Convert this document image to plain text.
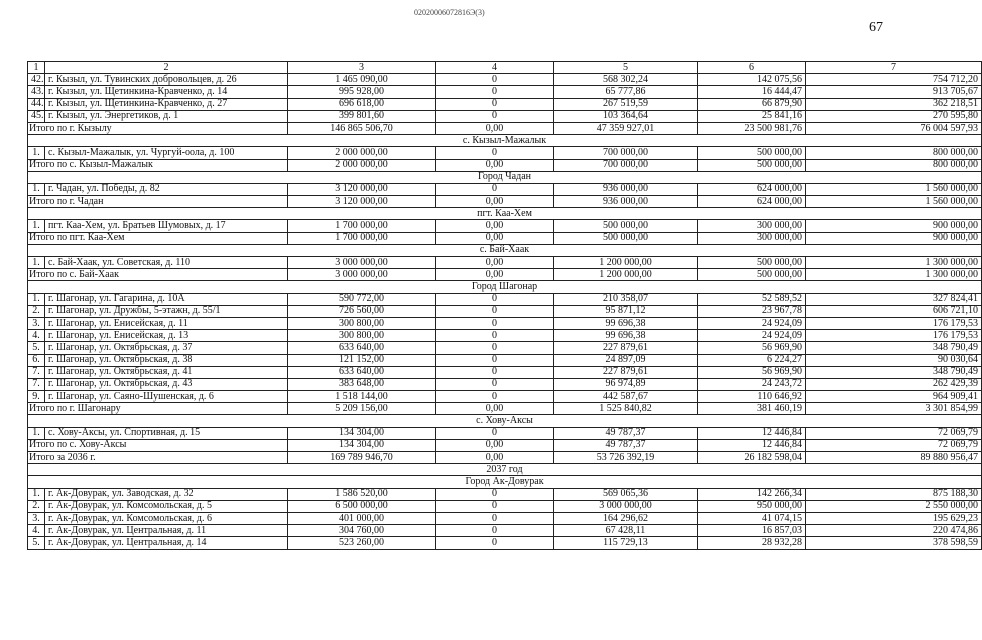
02020006072816Э(3)
67
1	2	3	4	5	6	7
42.	г. Кызыл, ул. Тувинских добровольцев, д. 26	1 465 090,00	0	568 302,24	142 075,56	754 712,20
43.	г. Кызыл, ул. Щетинкина-Кравченко, д. 14	995 928,00	0	65 777,86	16 444,47	913 705,67
44.	г. Кызыл, ул. Щетинкина-Кравченко, д. 27	696 618,00	0	267 519,59	66 879,90	362 218,51
45.	г. Кызыл, ул. Энергетиков, д. 1	399 801,60	0	103 364,64	25 841,16	270 595,80
Итого по г. Кызылу		146 865 506,70	0,00	47 359 927,01	23 500 981,76	76 004 597,93
с. Кызыл-Мажалык						
1.	с. Кызыл-Мажалык, ул. Чургуй-оола, д. 100	2 000 000,00	0	700 000,00	500 000,00	800 000,00
Итого по с. Кызыл-Мажалык		2 000 000,00	0,00	700 000,00	500 000,00	800 000,00
Город Чадан						
1.	г. Чадан, ул. Победы, д. 82	3 120 000,00	0	936 000,00	624 000,00	1 560 000,00
Итого по г. Чадан		3 120 000,00	0,00	936 000,00	624 000,00	1 560 000,00
пгт. Каа-Хем						
1.	пгт. Каа-Хем, ул. Братьев Шумовых, д. 17	1 700 000,00	0,00	500 000,00	300 000,00	900 000,00
Итого по пгт. Каа-Хем		1 700 000,00	0,00	500 000,00	300 000,00	900 000,00
с. Бай-Хаак						
1.	с. Бай-Хаак, ул. Советская, д. 110	3 000 000,00	0,00	1 200 000,00	500 000,00	1 300 000,00
Итого по с. Бай-Хаак		3 000 000,00	0,00	1 200 000,00	500 000,00	1 300 000,00
Город Шагонар						
1.	г. Шагонар, ул. Гагарина, д. 10А	590 772,00	0	210 358,07	52 589,52	327 824,41
2.	г. Шагонар, ул. Дружбы, 5-этажн, д. 55/1	726 560,00	0	95 871,12	23 967,78	606 721,10
3.	г. Шагонар, ул. Енисейская, д. 11	300 800,00	0	99 696,38	24 924,09	176 179,53
4.	г. Шагонар, ул. Енисейская, д. 13	300 800,00	0	99 696,38	24 924,09	176 179,53
5.	г. Шагонар, ул. Октябрьская, д. 37	633 640,00	0	227 879,61	56 969,90	348 790,49
6.	г. Шагонар, ул. Октябрьская, д. 38	121 152,00	0	24 897,09	6 224,27	90 030,64
7.	г. Шагонар, ул. Октябрьская, д. 41	633 640,00	0	227 879,61	56 969,90	348 790,49
7.	г. Шагонар, ул. Октябрьская, д. 43	383 648,00	0	96 974,89	24 243,72	262 429,39
9.	г. Шагонар, ул. Саяно-Шушенская, д. 6	1 518 144,00	0	442 587,67	110 646,92	964 909,41
Итого по г. Шагонару		5 209 156,00	0,00	1 525 840,82	381 460,19	3 301 854,99
с. Хову-Аксы						
1.	с. Хову-Аксы, ул. Спортивная, д. 15	134 304,00	0	49 787,37	12 446,84	72 069,79
Итого по с. Хову-Аксы		134 304,00	0,00	49 787,37	12 446,84	72 069,79
Итого за 2036 г.		169 789 946,70	0,00	53 726 392,19	26 182 598,04	89 880 956,47
2037 год						
Город Ак-Довурак						
1.	г. Ак-Довурак, ул. Заводская, д. 32	1 586 520,00	0	569 065,36	142 266,34	875 188,30
2.	г. Ак-Довурак, ул. Комсомольская, д. 5	6 500 000,00	0	3 000 000,00	950 000,00	2 550 000,00
3.	г. Ак-Довурак, ул. Комсомольская, д. 6	401 000,00	0	164 296,62	41 074,15	195 629,23
4.	г. Ак-Довурак, ул. Центральная, д. 11	304 760,00	0	67 428,11	16 857,03	220 474,86
5.	г. Ак-Довурак, ул. Центральная, д. 14	523 260,00	0	115 729,13	28 932,28	378 598,59
